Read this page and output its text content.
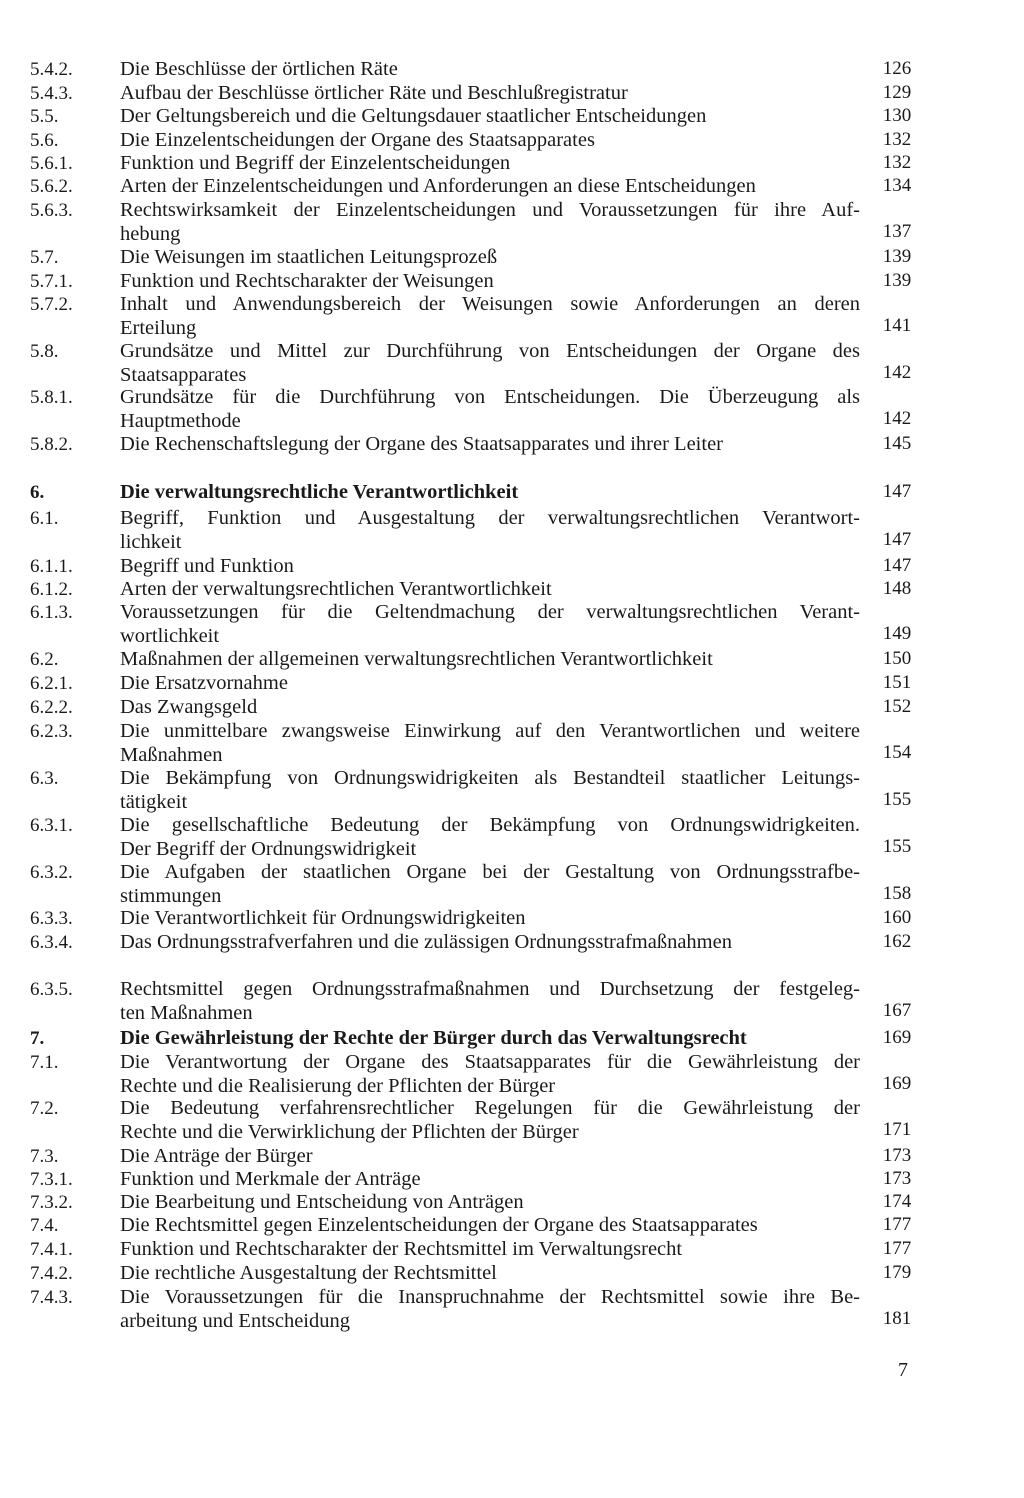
5.4.2. Die Beschlüsse der örtlichen Räte	126
5.4.3. Aufbau der Beschlüsse örtlicher Räte und Beschlußregistratur	129
5.5.	Der Geltungsbereich und die Geltungsdauer staatlicher Entscheidungen	130
5.6.	Die Einzelentscheidungen der Organe des Staatsapparates	132
5.6.1. Funktion und Begriff der Einzelentscheidungen	132
5.6.2. Arten der Einzelentscheidungen und Anforderungen an diese Entscheidungen	134
5.6.3. Rechtswirksamkeit der Einzelentscheidungen und Voraussetzungen für ihre Auf-
hebung	137
5.7.	Die Weisungen im staatlichen Leitungsprozeß	139
5.7.1. Funktion und Rechtscharakter der Weisungen	139
5.7.2. Inhalt und Anwendungsbereich der Weisungen sowie Anforderungen an deren
Erteilung	141
5.8.	Grundsätze und Mittel zur Durchführung von Entscheidungen der Organe des
Staatsapparates	142
5.8.1. Grundsätze für die Durchführung von Entscheidungen. Die Überzeugung als
Hauptmethode	142
5.8.2. Die Rechenschaftslegung der Organe des Staatsapparates und ihrer Leiter	145
6.	Die verwaltungsrechtliche Verantwortlichkeit	147
6.1.	Begriff, Funktion und Ausgestaltung der verwaltungsrechtlichen Verantwort-
lichkeit	147
6.1.1. Begriff und Funktion	147
6.1.2. Arten der verwaltungsrechtlichen Verantwortlichkeit	148
6.1.3. Voraussetzungen für die Geltendmachung der verwaltungsrechtlichen Verant-
wortlichkeit	149
6.2.	Maßnahmen der allgemeinen verwaltungsrechtlichen Verantwortlichkeit	150
6.2.1. Die Ersatzvornahme	151
6.2.2. Das Zwangsgeld	152
6.2.3. Die unmittelbare zwangsweise Einwirkung auf den Verantwortlichen und weitere
Maßnahmen	154
6.3.	Die Bekämpfung von Ordnungswidrigkeiten als Bestandteil staatlicher Leitungs-
tätigkeit	155
6.3.1. Die gesellschaftliche Bedeutung der Bekämpfung von Ordnungswidrigkeiten.
Der Begriff der Ordnungswidrigkeit	155
6.3.2. Die Aufgaben der staatlichen Organe bei der Gestaltung von Ordnungsstrafbe-
stimmungen	158
6.3.3. Die Verantwortlichkeit für Ordnungswidrigkeiten	160
6.3.4. Das Ordnungsstrafverfahren und die zulässigen Ordnungsstrafmaßnahmen	162
6.3.5. Rechtsmittel gegen Ordnungsstrafmaßnahmen und Durchsetzung der festgeleg-
ten Maßnahmen	167
7.	Die Gewährleistung der Rechte der Bürger durch das Verwaltungsrecht	169
7.1.	Die Verantwortung der Organe des Staatsapparates für die Gewährleistung der
Rechte und die Realisierung der Pflichten der Bürger	169
7.2.	Die Bedeutung verfahrensrechtlicher Regelungen für die Gewährleistung der
Rechte und die Verwirklichung der Pflichten der Bürger	171
7.3.	Die Anträge der Bürger	173
7.3.1. Funktion und Merkmale der Anträge	173
7.3.2. Die Bearbeitung und Entscheidung von Anträgen	174
7.4.	Die Rechtsmittel gegen Einzelentscheidungen der Organe des Staatsapparates	177
7.4.1. Funktion und Rechtscharakter der Rechtsmittel im Verwaltungsrecht	177
7.4.2. Die rechtliche Ausgestaltung der Rechtsmittel	179
7.4.3. Die Voraussetzungen für die Inanspruchnahme der Rechtsmittel sowie ihre Be-
arbeitung und Entscheidung	181
7
